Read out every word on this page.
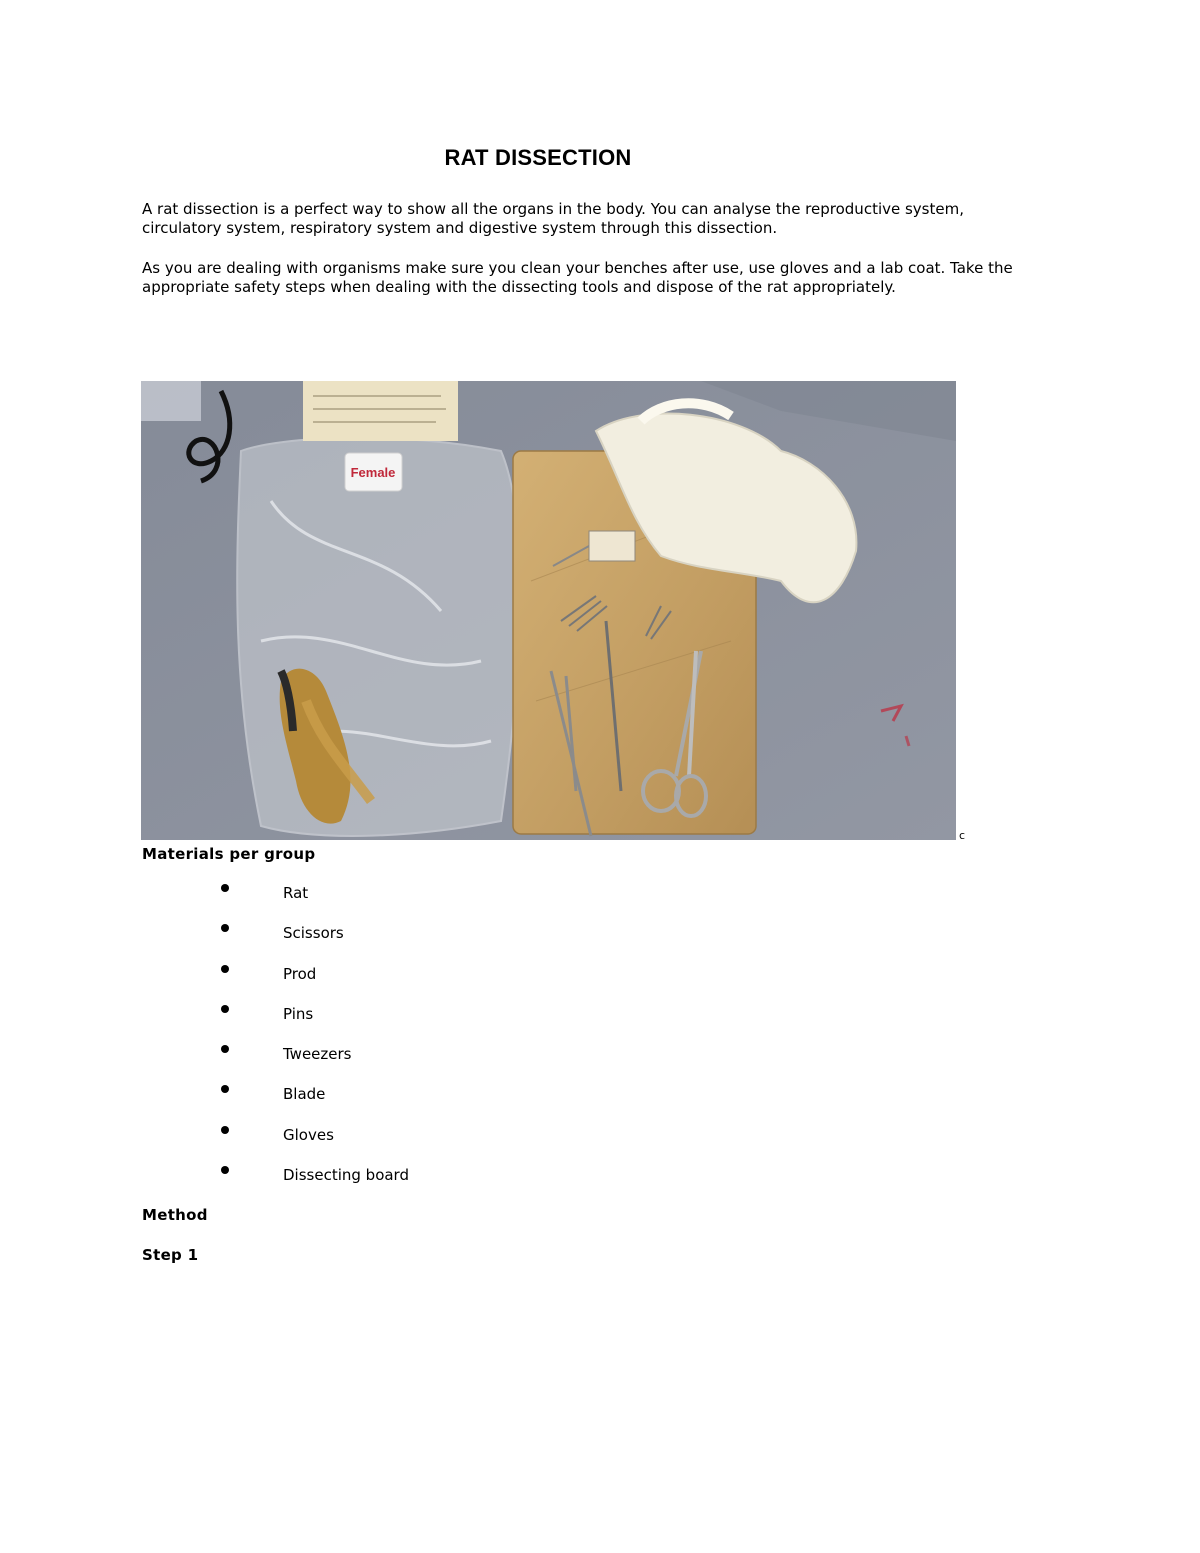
RAT DISSECTION

A rat dissection is a perfect way to show all the organs in the body. You can analyse the reproductive system, circulatory system, respiratory system and digestive system through this dissection.

As you are dealing with organisms make sure you clean your benches after use, use gloves and a lab coat. Take the appropriate safety steps when dealing with the dissecting tools and dispose of the rat appropriately.

Female
c
Materials per group
Rat
Scissors
Prod
Pins
Tweezers
Blade
Gloves
Dissecting board
Method
Step 1
